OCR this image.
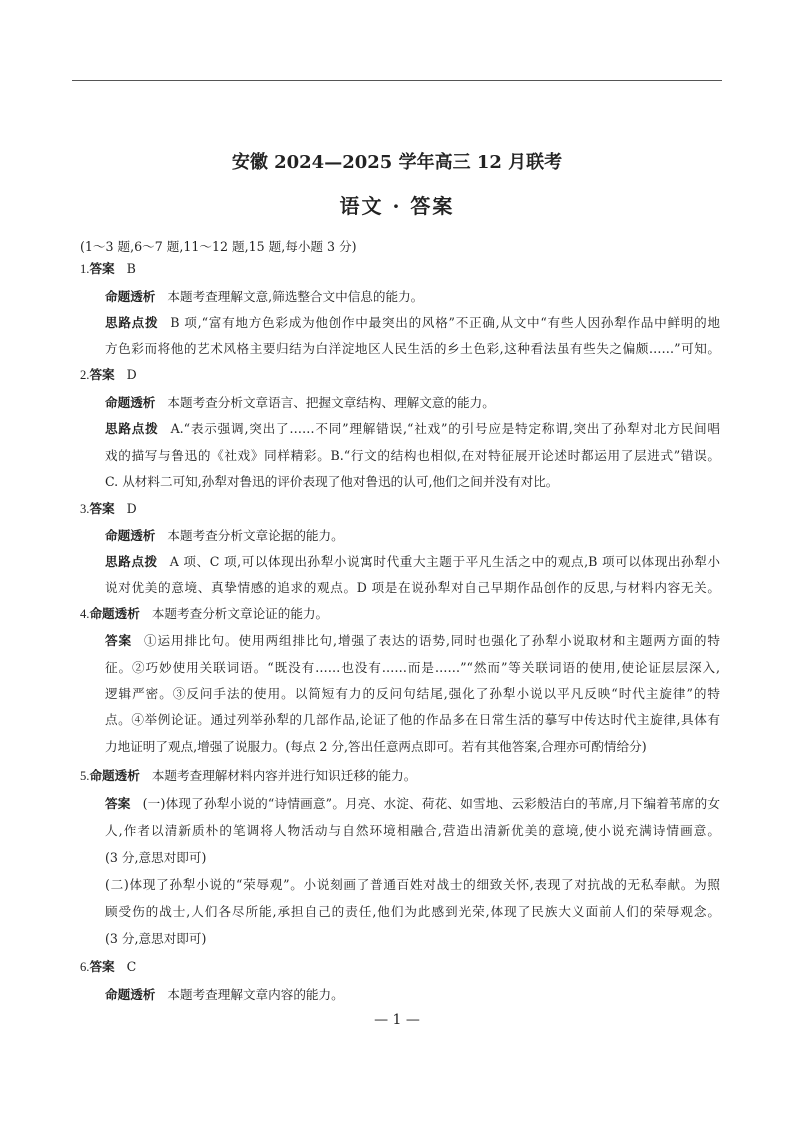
安徽 2024—2025 学年高三 12 月联考
语文 · 答案
(1～3 题,6～7 题,11～12 题,15 题,每小题 3 分)
1.答案 B
命题透析 本题考查理解文意,筛选整合文中信息的能力。
思路点拨 B 项,“富有地方色彩成为他创作中最突出的风格”不正确,从文中“有些人因孙犁作品中鲜明的地
方色彩而将他的艺术风格主要归结为白洋淀地区人民生活的乡土色彩,这种看法虽有些失之偏颇……”可知。
2.答案 D
命题透析 本题考查分析文章语言、把握文章结构、理解文意的能力。
思路点拨 A.“表示强调,突出了……不同”理解错误,“社戏”的引号应是特定称谓,突出了孙犁对北方民间唱
戏的描写与鲁迅的《社戏》同样精彩。B.“行文的结构也相似,在对特征展开论述时都运用了层进式”错误。
C. 从材料二可知,孙犁对鲁迅的评价表现了他对鲁迅的认可,他们之间并没有对比。
3.答案 D
命题透析 本题考查分析文章论据的能力。
思路点拨 A 项、C 项,可以体现出孙犁小说寓时代重大主题于平凡生活之中的观点,B 项可以体现出孙犁小
说对优美的意境、真挚情感的追求的观点。D 项是在说孙犁对自己早期作品创作的反思,与材料内容无关。
4.命题透析 本题考查分析文章论证的能力。
答案 ①运用排比句。使用两组排比句,增强了表达的语势,同时也强化了孙犁小说取材和主题两方面的特
征。②巧妙使用关联词语。“既没有……也没有……而是……”“然而”等关联词语的使用,使论证层层深入,
逻辑严密。③反问手法的使用。以简短有力的反问句结尾,强化了孙犁小说以平凡反映“时代主旋律”的特
点。④举例论证。通过列举孙犁的几部作品,论证了他的作品多在日常生活的摹写中传达时代主旋律,具体有
力地证明了观点,增强了说服力。(每点 2 分,答出任意两点即可。若有其他答案,合理亦可酌情给分)
5.命题透析 本题考查理解材料内容并进行知识迁移的能力。
答案 (一)体现了孙犁小说的“诗情画意”。月亮、水淀、荷花、如雪地、云彩般洁白的苇席,月下编着苇席的女
人,作者以清新质朴的笔调将人物活动与自然环境相融合,营造出清新优美的意境,使小说充满诗情画意。
(3 分,意思对即可)
(二)体现了孙犁小说的“荣辱观”。小说刻画了普通百姓对战士的细致关怀,表现了对抗战的无私奉献。为照
顾受伤的战士,人们各尽所能,承担自己的责任,他们为此感到光荣,体现了民族大义面前人们的荣辱观念。
(3 分,意思对即可)
6.答案 C
命题透析 本题考查理解文章内容的能力。
— 1 —
